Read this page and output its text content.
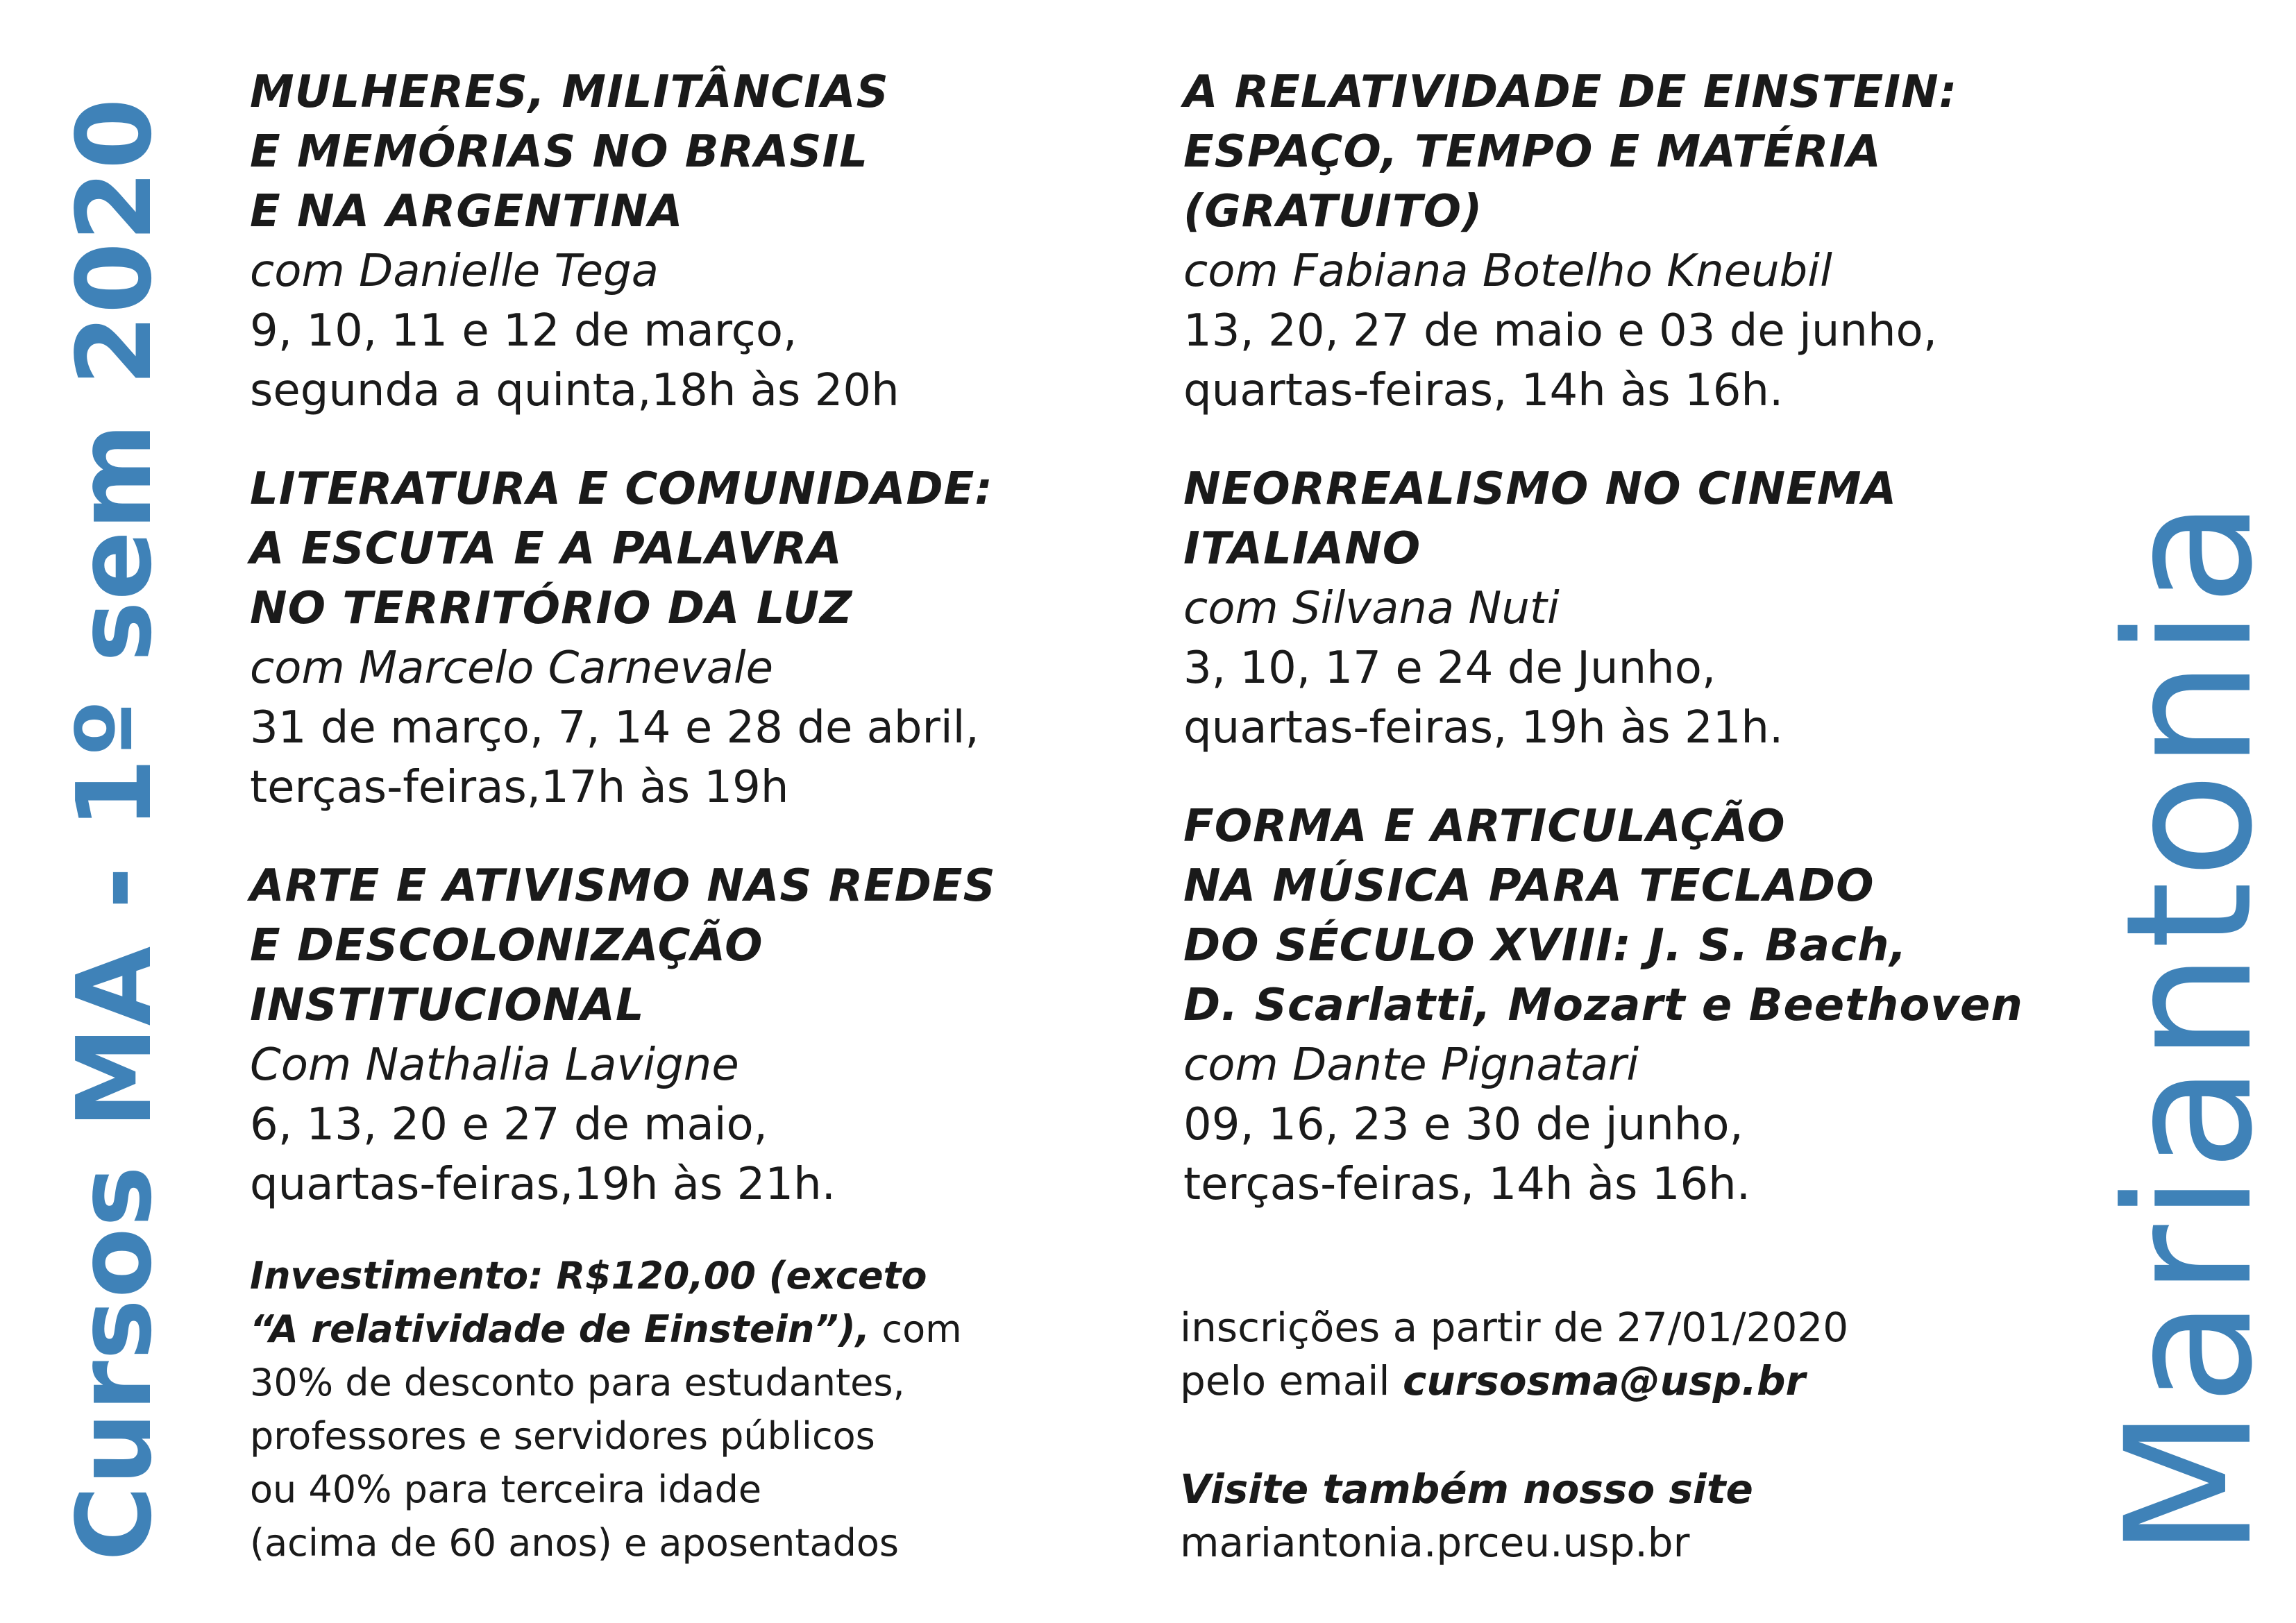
Cursos MA - 1º sem 2020	Mariantonia
MULHERES, MILITÂNCIAS
E MEMÓRIAS NO BRASIL
E NA ARGENTINA
com Danielle Tega
9, 10, 11 e 12 de março,
segunda a quinta,18h às 20h
LITERATURA E COMUNIDADE:
A ESCUTA E A PALAVRA
NO TERRITÓRIO DA LUZ
com Marcelo Carnevale
31 de março, 7, 14 e 28 de abril,
terças-feiras,17h às 19h
ARTE E ATIVISMO NAS REDES
E DESCOLONIZAÇÃO
INSTITUCIONAL
Com Nathalia Lavigne
6, 13, 20 e 27 de maio,
quartas-feiras,19h às 21h.
A RELATIVIDADE DE EINSTEIN:
ESPAÇO, TEMPO E MATÉRIA
(GRATUITO)
com Fabiana Botelho Kneubil
13, 20, 27 de maio e 03 de junho,
quartas-feiras, 14h às 16h.
NEORREALISMO NO CINEMA
ITALIANO
com Silvana Nuti
3, 10, 17 e 24 de Junho,
quartas-feiras, 19h às 21h.
FORMA E ARTICULAÇÃO
NA MÚSICA PARA TECLADO
DO SÉCULO XVIII: J. S. Bach,
D. Scarlatti, Mozart e Beethoven
com Dante Pignatari
09, 16, 23 e 30 de junho,
terças-feiras, 14h às 16h.
Investimento: R$120,00 (exceto
“A relatividade de Einstein”), com
30% de desconto para estudantes,
professores e servidores públicos
ou 40% para terceira idade
(acima de 60 anos) e aposentados
inscrições a partir de 27/01/2020
pelo email cursosma@usp.br
Visite também nosso site
mariantonia.prceu.usp.br
